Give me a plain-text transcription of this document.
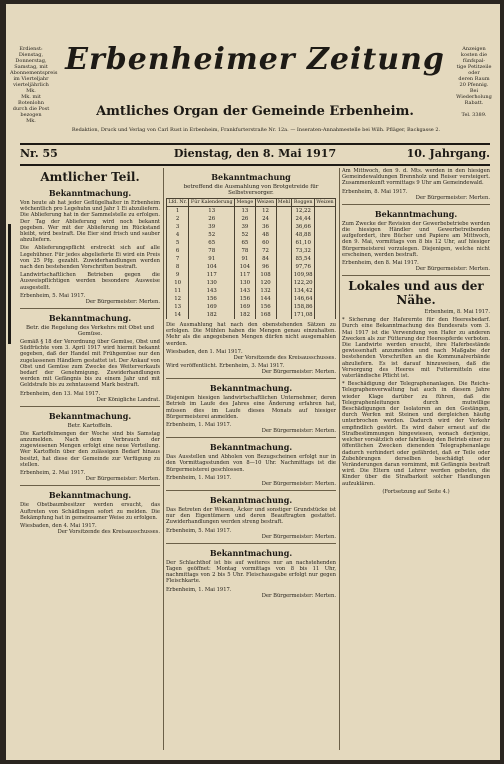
Erdienst:
Dienstag, Donnerstag,
Samstag, mit
Abonnementspreis
im Vierteljahr
vierteljährlich
Mk.
Mk. mit Botenlohn
durch die Post
bezogen
Mk.
Anzeigen
kosten die fünfspal-
tige Petitzeile oder
deren Raum
20 Pfennig.
Bei Wiederholung
Rabatt.

Tel. 3389.
Erbenheimer Zeitung
Amtliches Organ der Gemeinde Erbenheim.
Redaktion, Druck und Verlag von Carl Rust in Erbenheim, Frankfurterstraße Nr. 12a. — Inseraten-Annahmestelle bei Wilh. Pfläger, Backgasse 2.
Nr. 55	Dienstag, den 8. Mai 1917	10. Jahrgang.
Amtlicher Teil.
Bekanntmachung.

Von heute ab hat jeder Geflügelhalter in Erbenheim wöchentlich pro Legehuhn und Jahr 1 Ei abzuliefern. Die Ablieferung hat in der Sammelstelle zu erfolgen. Der Tag der Ablieferung wird noch bekannt gegeben. Wer mit der Ablieferung im Rückstand bleibt, wird bestraft. Die Eier sind frisch und sauber abzuliefern.

Die Ablieferungspflicht erstreckt sich auf alle Legehühner. Für jedes abgelieferte Ei wird ein Preis von 25 Pfg. gezahlt. Zuwiderhandlungen werden nach den bestehenden Vorschriften bestraft.

Landwirtschaftlichen Betrieben gegen die Ausweispflichtigen werden besondere Ausweise ausgestellt.

Erbenheim, 5. Mai 1917.

Der Bürgermeister: Merten.

Bekanntmachung.
Betr. die Regelung des Verkehrs mit Obst und Gemüse.

Gemäß § 18 der Verordnung über Gemüse, Obst und Südfrüchte vom 3. April 1917 wird hiermit bekannt gegeben, daß der Handel mit Frühgemüse nur den zugelassenen Händlern gestattet ist. Der Ankauf von Obst und Gemüse zum Zwecke des Weiterverkaufs bedarf der Genehmigung. Zuwiderhandlungen werden mit Gefängnis bis zu einem Jahr und mit Geldstrafe bis zu zehntausend Mark bestraft.

Erbenheim, den 13. Mai 1917.

Der Königliche Landrat.

Bekanntmachung.
Betr. Kartoffeln.

Die Kartoffelmengen der Woche sind bis Samstag anzumelden. Nach dem Verbrauch der zugewiesenen Mengen erfolgt eine neue Verteilung. Wer Kartoffeln über den zulässigen Bedarf hinaus besitzt, hat diese der Gemeinde zur Verfügung zu stellen.

Erbenheim, 2. Mai 1917.

Der Bürgermeister: Merten.

Bekanntmachung.

Die Obstbaumbesitzer werden ersucht, das Auftreten von Schädlingen sofort zu melden. Die Bekämpfung hat in gemeinsamer Weise zu erfolgen.

Wiesbaden, den 4. Mai 1917.

Der Vorsitzende des Kreisausschusses.

Bekanntmachung
betreffend die Ausmahlung von Brotgetreide für Selbstversorger.
Lfd. Nr.	Für Kalenderung	Menge	Weizen	Mehl	Roggen	Weizen
1	13	13	12		12,22	
2	26	26	24		24,44	
3	39	39	36		36,66	
4	52	52	48		48,88	
5	65	65	60		61,10	
6	78	78	72		73,32	
7	91	91	84		85,54	
8	104	104	96		97,76	
9	117	117	108		109,98	
10	130	130	120		122,20	
11	143	143	132		134,42	
12	156	156	144		146,64	
13	169	169	156		158,86	
14	182	182	168		171,08	

Die Ausmahlung hat nach den obenstehenden Sätzen zu erfolgen. Die Mühlen haben die Mengen genau einzuhalten. Mehr als die angegebenen Mengen dürfen nicht ausgemahlen werden.

Wiesbaden, den 1. Mai 1917.

Der Vorsitzende des Kreisausschusses.

Wird veröffentlicht. Erbenheim, 3. Mai 1917.

Der Bürgermeister: Merten.

Bekanntmachung.

Diejenigen hiesigen landwirtschaftlichen Unternehmer, deren Betrieb im Laufe des Jahres eine Änderung erfahren hat, müssen dies im Laufe dieses Monats auf hiesiger Bürgermeisterei anmelden.

Erbenheim, 1. Mai 1917.

Der Bürgermeister: Merten.

Bekanntmachung.

Das Ausstellen und Abholen von Bezugscheinen erfolgt nur in den Vormittagsstunden von 8—10 Uhr. Nachmittags ist die Bürgermeisterei geschlossen.

Erbenheim, 1. Mai 1917.

Der Bürgermeister: Merten.

Bekanntmachung.

Das Betreten der Wiesen, Äcker und sonstiger Grundstücke ist nur den Eigentümern und deren Beauftragten gestattet. Zuwiderhandlungen werden streng bestraft.

Erbenheim, 5. Mai 1917.

Der Bürgermeister: Merten.

Bekanntmachung.

Der Schlachthof ist bis auf weiteres nur an nachstehenden Tagen geöffnet: Montag vormittags von 8 bis 11 Uhr, nachmittags von 2 bis 5 Uhr. Fleischausgabe erfolgt nur gegen Fleischkarte.

Erbenheim, 1. Mai 1917.

Der Bürgermeister: Merten.

Am Mittwoch, den 9. d. Mts. werden in den hiesigen Gemeindewaldungen Brennholz und Reiser versteigert. Zusammenkunft vormittags 9 Uhr am Gemeindewald.

Erbenheim, 8. Mai 1917.

Der Bürgermeister: Merten.

Bekanntmachung.

Zum Zwecke der Revision der Gewerbebetriebe werden die hiesigen Händler und Gewerbetreibenden aufgefordert, ihre Bücher und Papiere am Mittwoch, den 9. Mai, vormittags von 8 bis 12 Uhr, auf hiesiger Bürgermeisterei vorzulegen. Diejenigen, welche nicht erscheinen, werden bestraft.

Erbenheim, den 8. Mai 1917.

Der Bürgermeister: Merten.

Lokales und aus der Nähe.

Erbenheim, 8. Mai 1917.

* Sicherung der Haferernte für den Heeresbedarf. Durch eine Bekanntmachung des Bundesrats vom 3. Mai 1917 ist die Verwendung von Hafer zu anderen Zwecken als zur Fütterung der Heerespferde verboten. Die Landwirte werden ersucht, ihre Haferbestände gewissenhaft anzumelden und nach Maßgabe der bestehenden Vorschriften an die Kommunalverbände abzuliefern. Es ist darauf hinzuweisen, daß die Versorgung des Heeres mit Futtermitteln eine vaterländische Pflicht ist.

* Beschädigung der Telegraphenanlagen. Die Reichs-Telegraphenverwaltung hat auch in diesem Jahre wieder Klage darüber zu führen, daß die Telegraphenleitungen durch mutwillige Beschädigungen der Isolatoren an den Gestängen, durch Werfen mit Steinen und dergleichen häufig unterbrochen werden. Dadurch wird der Verkehr empfindlich gestört. Es wird daher erneut auf die Strafbestimmungen hingewiesen, wonach derjenige, welcher vorsätzlich oder fahrlässig den Betrieb einer zu öffentlichen Zwecken dienenden Telegraphenanlage dadurch verhindert oder gefährdet, daß er Teile oder Zubehörungen derselben beschädigt oder Veränderungen daran vornimmt, mit Gefängnis bestraft wird. Die Eltern und Lehrer werden gebeten, die Kinder über die Strafbarkeit solcher Handlungen aufzuklären.

(Fortsetzung auf Seite 4.)
